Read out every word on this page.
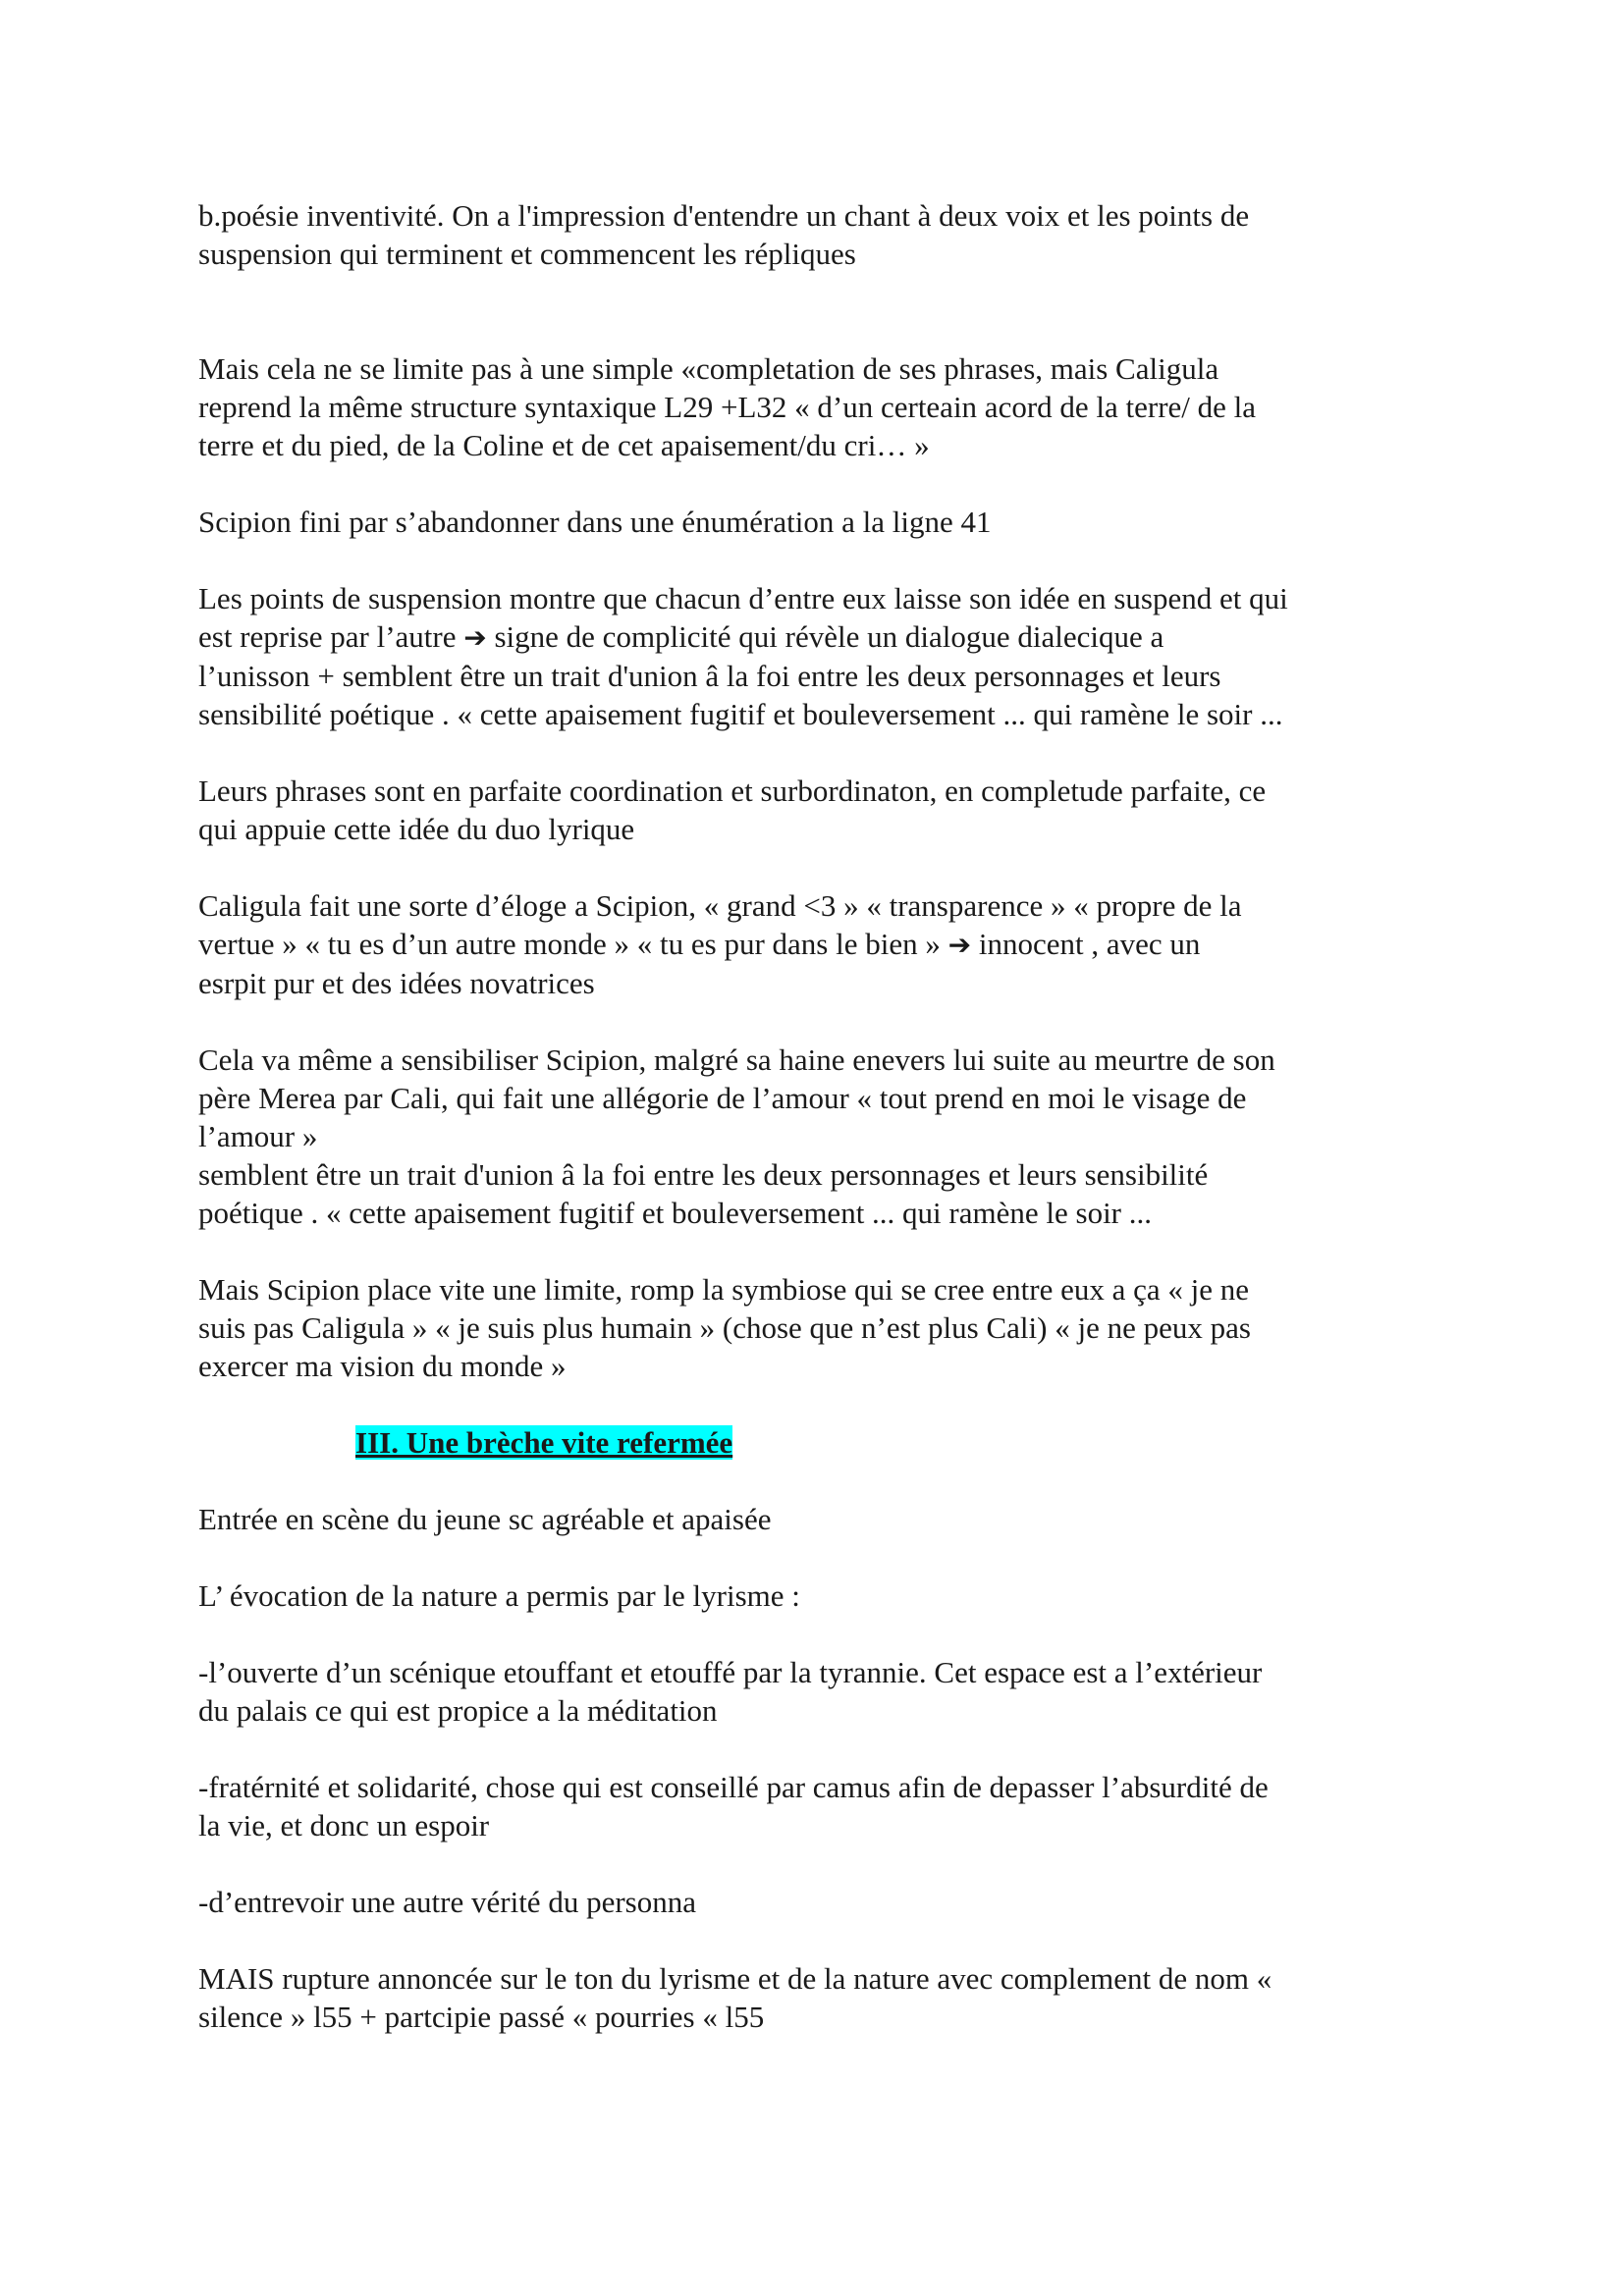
b.poésie inventivité. On a l'impression d'entendre un chant à deux voix et les points de
suspension qui terminent et commencent les répliques

Mais cela ne se limite pas à une simple «completation de ses phrases, mais Caligula
reprend la même structure syntaxique L29 +L32 « d’un certeain acord de la terre/ de la
terre et du pied, de la Coline et de cet apaisement/du cri… »

Scipion fini par s’abandonner dans une énumération a la ligne 41

Les points de suspension montre que chacun d’entre eux laisse son idée en suspend et qui
est reprise par l’autre ➔ signe de complicité qui révèle un dialogue dialecique a
l’unisson + semblent être un trait d'union â la foi entre les deux personnages et leurs
sensibilité poétique . « cette apaisement fugitif et bouleversement ... qui ramène le soir ...

Leurs phrases sont en parfaite coordination et surbordinaton, en completude parfaite, ce
qui appuie cette idée du duo lyrique

Caligula fait une sorte d’éloge a Scipion, « grand <3 » « transparence » « propre de la
vertue » « tu es d’un autre monde » « tu es pur dans le bien » ➔ innocent , avec un
esrpit pur et des idées novatrices

Cela va même a sensibiliser Scipion, malgré sa haine enevers lui suite au meurtre de son
père Merea par Cali, qui fait une allégorie de l’amour « tout prend en moi le visage de
l’amour »
semblent être un trait d'union â la foi entre les deux personnages et leurs sensibilité
poétique . « cette apaisement fugitif et bouleversement ... qui ramène le soir ...

Mais Scipion place vite une limite, romp la symbiose qui se cree entre eux a ça « je ne
suis pas Caligula » « je suis plus humain » (chose que n’est plus Cali) « je ne peux pas
exercer ma vision du monde »

III. Une brèche vite refermée

Entrée en scène du jeune sc agréable et apaisée

L’ évocation de la nature a permis par le lyrisme :

-l’ouverte d’un scénique etouffant et etouffé par la tyrannie. Cet espace est a l’extérieur
du palais ce qui est propice a la méditation

-fratérnité et solidarité, chose qui est conseillé par camus afin de depasser l’absurdité de
la vie, et donc un espoir

-d’entrevoir une autre vérité du personna

MAIS rupture annoncée sur le ton du lyrisme et de la nature avec complement de nom «
silence » l55 + partcipie passé « pourries « l55
